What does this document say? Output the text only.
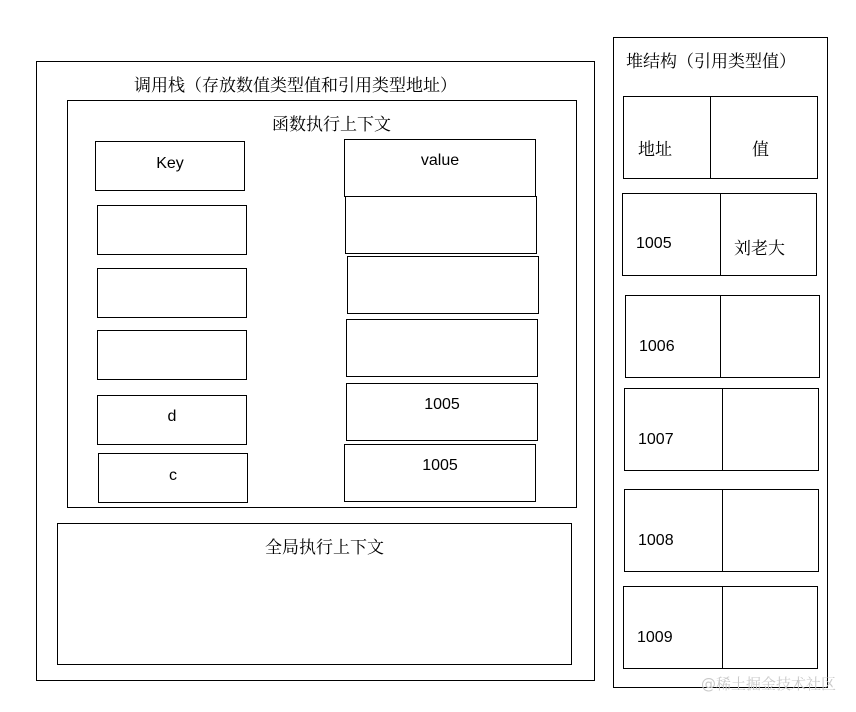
调用栈（存放数值类型值和引用类型地址）
函数执行上下文
Key
d
c
value
1005
1005
全局执行上下文
堆结构（引用类型值）
地址	值
1005	刘老大
1006
1007
1008
1009
@稀土掘金技术社区
